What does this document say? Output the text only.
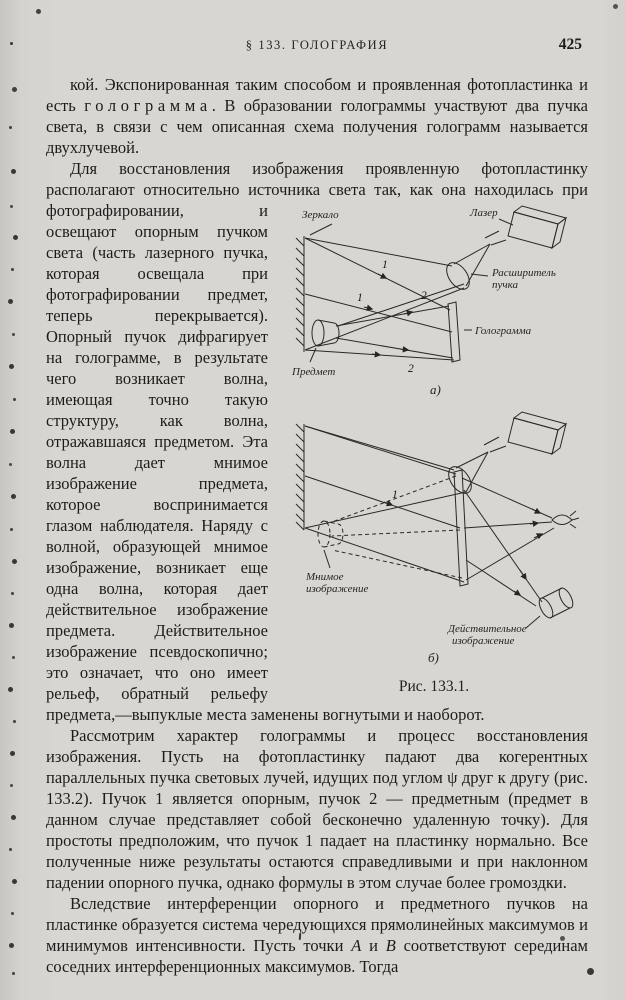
§ 133. ГОЛОГРАФИЯ	425
кой. Экспонированная таким способом и проявленная фотопластинка и есть голограмма. В образовании голограммы участвуют два пучка света, в связи с чем описанная схема получения голограмм называется двухлучевой.
Для восстановления изображения проявленную фотопластинку располагают относительно источника света так, как она находилась при фотографировании, и	Зеркало	Лазер
Расширитель
пучка
Голограмма
Предмет
1
1	2
2
а)
Мнимое
изображение
Действительное
изображение
1
б)
Рис. 133.1.
освещают опорным пучком света (часть лазерного пучка, которая освещала при фотографировании предмет, теперь перекрывается). Опорный пучок дифрагирует на голограмме, в результате чего возникает волна, имеющая точно такую структуру, как волна, отражавшаяся предметом. Эта волна дает мнимое изображение предмета, которое воспринимается глазом наблюдателя. Наряду с волной, образующей мнимое изображение, возникает еще одна волна, которая дает действительное изображение предмета. Действительное изображение псевдоскопично; это означает, что оно имеет рельеф, обратный рельефу предмета,—выпуклые места заменены вогнутыми и наоборот.
Рассмотрим характер голограммы и процесс восстановления изображения. Пусть на фотопластинку падают два когерентных параллельных пучка световых лучей, идущих под углом ψ друг к другу (рис. 133.2). Пучок 1 является опорным, пучок 2 — предметным (предмет в данном случае представляет собой бесконечно удаленную точку). Для простоты предположим, что пучок 1 падает на пластинку нормально. Все полученные ниже результаты остаются справедливыми и при наклонном падении опорного пучка, однако формулы в этом случае более громоздки.
Вследствие интерференции опорного и предметного пучков на пластинке образуется система чередующихся прямолинейных максимумов и минимумов интенсивности. Пусть точки A и B соответствуют серединам соседних интерференционных максимумов. Тогда
